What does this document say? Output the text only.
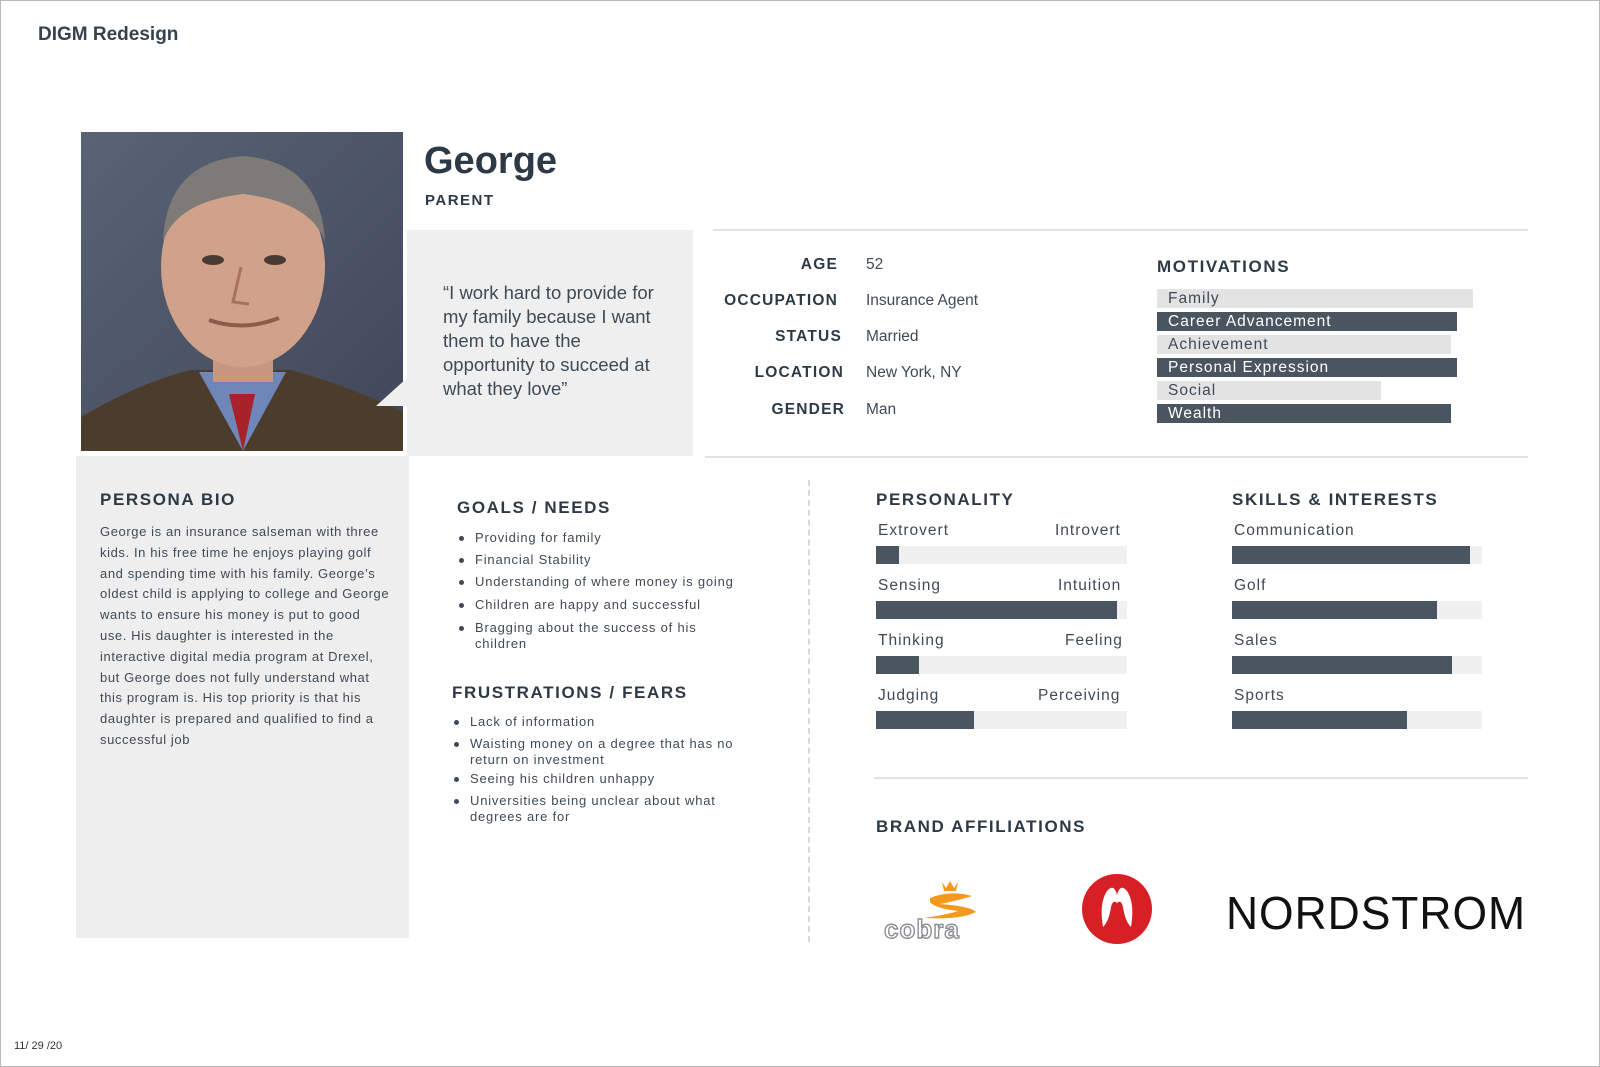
DIGM Redesign
George
PARENT
“I work hard to provide for my family because I want them to have the opportunity to succeed at what they love”
AGE 52
OCCUPATION Insurance Agent
STATUS Married
LOCATION New York, NY
GENDER Man
MOTIVATIONS
Family
Career Advancement
Achievement
Personal Expression
Social
Wealth
PERSONA BIO
George is an insurance salseman with three kids. In his free time he enjoys playing golf and spending time with his family. George’s oldest child is applying to college and George wants to ensure his money is put to good use. His daughter is interested in the interactive digital media program at Drexel, but George does not fully understand what this program is. His top priority is that his daughter is prepared and qualified to find a successful job
GOALS / NEEDS
Providing for family
Financial Stability
Understanding of where money is going
Children are happy and successful
Bragging about the success of his children
FRUSTRATIONS / FEARS
Lack of information
Waisting money on a degree that has no return on investment
Seeing his children unhappy
Universities being unclear about what degrees are for
PERSONALITY
Extrovert	Introvert
Sensing	Intuition
Thinking	Feeling
Judging	Perceiving
SKILLS & INTERESTS
Communication
Golf
Sales
Sports
BRAND AFFILIATIONS
cobra	NORDSTROM
11/ 29 /20
